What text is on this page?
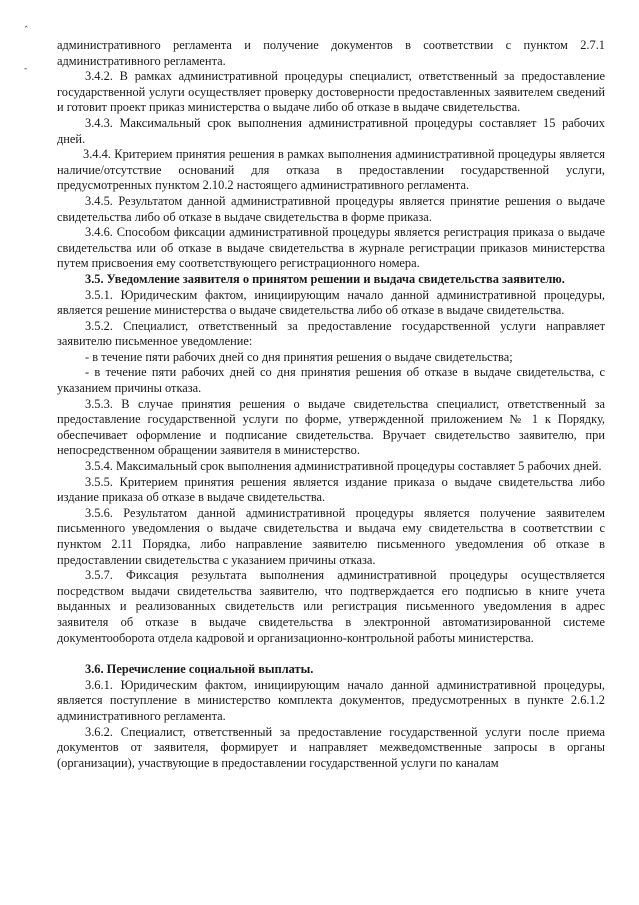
ˆ
-

административного регламента и получение документов в соответствии с пунктом 2.7.1 административного регламента.

3.4.2. В рамках административной процедуры специалист, ответственный за предоставление государственной услуги осуществляет проверку достоверности предоставленных заявителем сведений и готовит проект приказ министерства о выдаче либо об отказе в выдаче свидетельства.

3.4.3. Максимальный срок выполнения административной процедуры составляет 15 рабочих дней.

3.4.4. Критерием принятия решения в рамках выполнения административной процедуры является наличие/отсутствие оснований для отказа в предоставлении государственной услуги, предусмотренных пунктом 2.10.2 настоящего административного регламента.

3.4.5. Результатом данной административной процедуры является принятие решения о выдаче свидетельства либо об отказе в выдаче свидетельства в форме приказа.

3.4.6. Способом фиксации административной процедуры является регистрация приказа о выдаче свидетельства или об отказе в выдаче свидетельства в журнале регистрации приказов министерства путем присвоения ему соответствующего регистрационного номера.

3.5. Уведомление заявителя о принятом решении и выдача свидетельства заявителю.

3.5.1. Юридическим фактом, инициирующим начало данной административной процедуры, является решение министерства о выдаче свидетельства либо об отказе в выдаче свидетельства.

3.5.2. Специалист, ответственный за предоставление государственной услуги направляет заявителю письменное уведомление:

- в течение пяти рабочих дней со дня принятия решения о выдаче свидетельства;

- в течение пяти рабочих дней со дня принятия решения об отказе в выдаче свидетельства, с указанием причины отказа.

3.5.3. В случае принятия решения о выдаче свидетельства специалист, ответственный за предоставление государственной услуги по форме, утвержденной приложением № 1 к Порядку, обеспечивает оформление и подписание свидетельства. Вручает свидетельство заявителю, при непосредственном обращении заявителя в министерство.

3.5.4. Максимальный срок выполнения административной процедуры составляет 5 рабочих дней.

3.5.5. Критерием принятия решения является издание приказа о выдаче свидетельства либо издание приказа об отказе в выдаче свидетельства.

3.5.6. Результатом данной административной процедуры является получение заявителем письменного уведомления о выдаче свидетельства и выдача ему свидетельства в соответствии с пунктом 2.11 Порядка, либо направление заявителю письменного уведомления об отказе в предоставлении свидетельства с указанием причины отказа.

3.5.7. Фиксация результата выполнения административной процедуры осуществляется посредством выдачи свидетельства заявителю, что подтверждается его подписью в книге учета выданных и реализованных свидетельств или регистрация письменного уведомления в адрес заявителя об отказе в выдаче свидетельства в электронной автоматизированной системе документооборота отдела кадровой и организационно-контрольной работы министерства.

3.6. Перечисление социальной выплаты.

3.6.1. Юридическим фактом, инициирующим начало данной административной процедуры, является поступление в министерство комплекта документов, предусмотренных в пункте 2.6.1.2 административного регламента.

3.6.2. Специалист, ответственный за предоставление государственной услуги после приема документов от заявителя, формирует и направляет межведомственные запросы в органы (организации), участвующие в предоставлении государственной услуги по каналам
